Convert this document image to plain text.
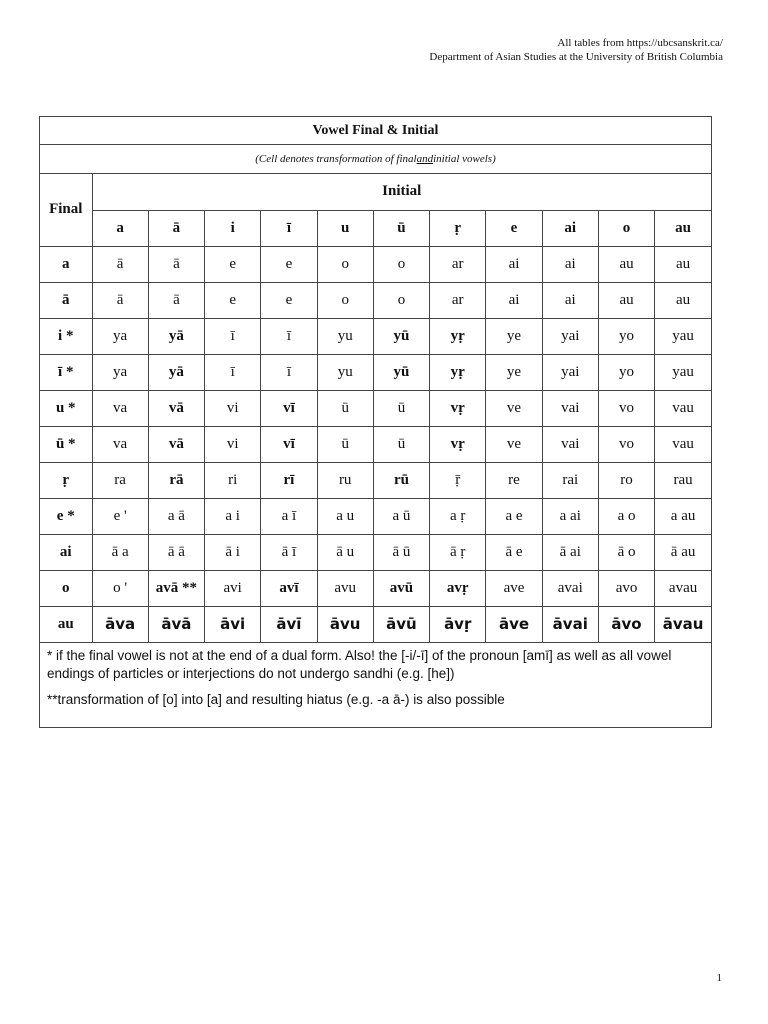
All tables from https://ubcsanskrit.ca/
Department of Asian Studies at the University of British Columbia
Vowel Final & Initial
(Cell denotes transformation of final and initial vowels)
Final	Initial										
	a	ā	i	ī	u	ū	ṛ	e	ai	o	au
a	ā	ā	e	e	o	o	ar	ai	ai	au	au
ā	ā	ā	e	e	o	o	ar	ai	ai	au	au
i *	ya	yā	ī	ī	yu	yū	yṛ	ye	yai	yo	yau
ī *	ya	yā	ī	ī	yu	yū	yṛ	ye	yai	yo	yau
u *	va	vā	vi	vī	ū	ū	vṛ	ve	vai	vo	vau
ū *	va	vā	vi	vī	ū	ū	vṛ	ve	vai	vo	vau
ṛ	ra	rā	ri	rī	ru	rū	ṝ	re	rai	ro	rau
e *	e '	a ā	a i	a ī	a u	a ū	a ṛ	a e	a ai	a o	a au
ai	ā a	ā ā	ā i	ā ī	ā u	ā ū	ā ṛ	ā e	ā ai	ā o	ā au
o	o '	avā **	avi	avī	avu	avū	avṛ	ave	avai	avo	avau
au	āva	āvā	āvi	āvī	āvu	āvū	āvṛ	āve	āvai	āvo	āvau

* if the final vowel is not at the end of a dual form. Also! the [-i/-ī] of the pronoun [amī] as well as all vowel endings of particles or interjections do not undergo sandhi (e.g. [he])

**transformation of [o] into [a] and resulting hiatus (e.g. -a ā-) is also possible

1
